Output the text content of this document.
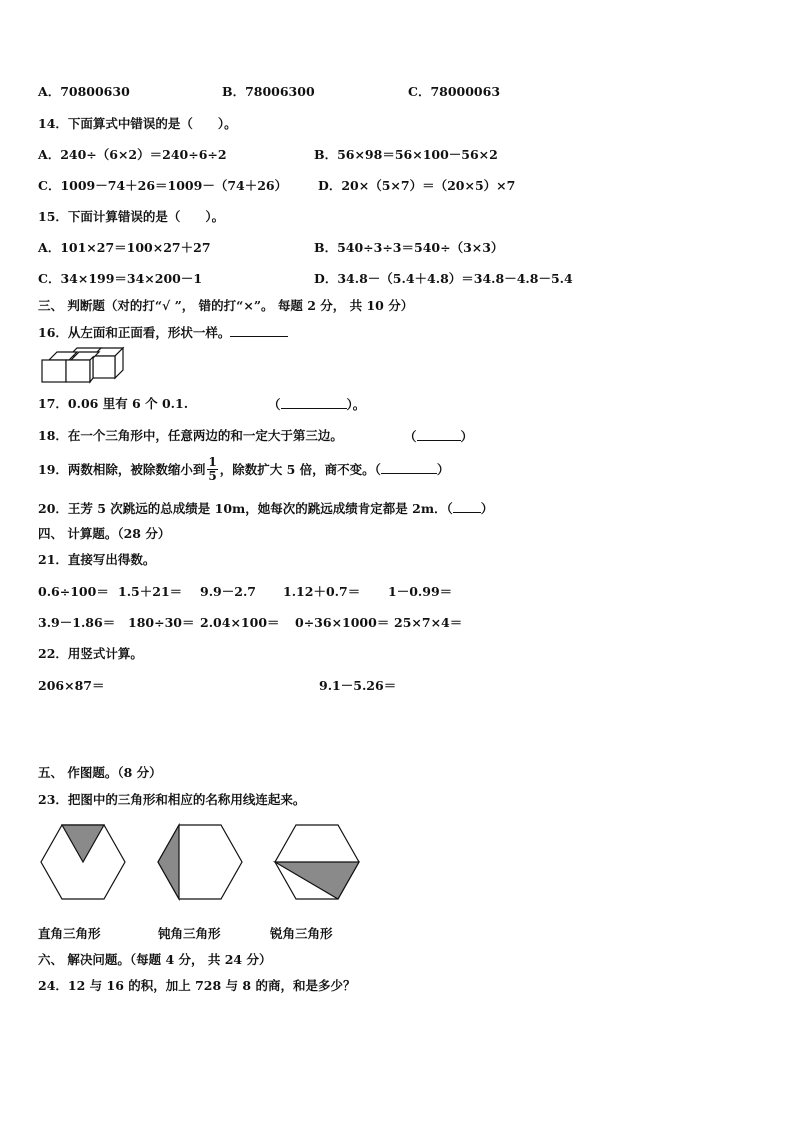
A．70800630	B．78006300	C．78000063
14．下面算式中错误的是（　　）。
A．240÷（6×2）＝240÷6÷2	B．56×98＝56×100－56×2
C．1009－74＋26＝1009－（74＋26） D．20×（5×7）＝（20×5）×7
15．下面计算错误的是（　　）。
A．101×27＝100×27＋27	B．540÷3÷3＝540÷（3×3）
C．34×199＝34×200－1	D．34.8－（5.4＋4.8）＝34.8－4.8－5.4
三、 判断题（对的打“√ ”， 错的打“×”。 每题 2 分， 共 10 分）
16．从左面和正面看，形状一样。
17．0.06 里有 6 个 0.1.	（	）。
18．在一个三角形中，任意两边的和一定大于第三边。	（	）
19．两数相除，被除数缩小到 $\frac{1}{5}$ ，除数扩大 5 倍，商不变。（	）
20．王芳 5 次跳远的总成绩是 10m，她每次的跳远成绩肯定都是 2m．（ ）
四、 计算题。（28 分）
21．直接写出得数。
0.6÷100＝ 1.5＋21＝ 9.9－2.7 1.12＋0.7＝ 1－0.99＝
3.9－1.86＝ 180÷30＝ 2.04×100＝ 0÷36×1000＝ 25×7×4＝
22．用竖式计算。
206×87＝	9.1－5.26＝
五、 作图题。（8 分）
23．把图中的三角形和相应的名称用线连起来。
直角三角形	钝角三角形	锐角三角形
六、 解决问题。（每题 4 分， 共 24 分）
24．12 与 16 的积，加上 728 与 8 的商，和是多少？
